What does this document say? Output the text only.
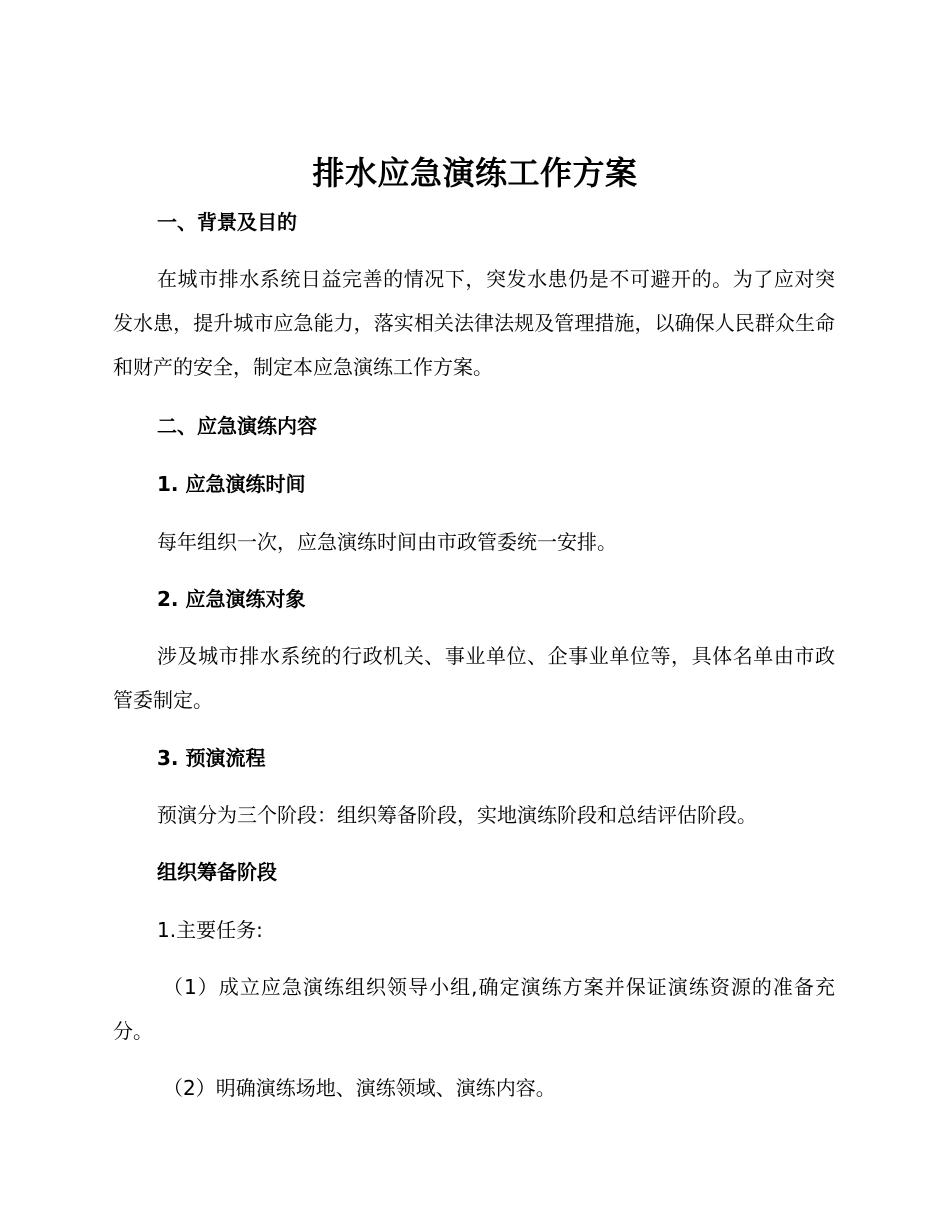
排水应急演练工作方案
一、背景及目的
在城市排水系统日益完善的情况下，突发水患仍是不可避开的。为了应对突发水患，提升城市应急能力，落实相关法律法规及管理措施，以确保人民群众生命和财产的安全，制定本应急演练工作方案。
二、应急演练内容
1. 应急演练时间
每年组织一次，应急演练时间由市政管委统一安排。
2. 应急演练对象
涉及城市排水系统的行政机关、事业单位、企事业单位等，具体名单由市政管委制定。
3. 预演流程
预演分为三个阶段：组织筹备阶段，实地演练阶段和总结评估阶段。
组织筹备阶段
1.主要任务:
（1）成立应急演练组织领导小组,确定演练方案并保证演练资源的准备充分。
（2）明确演练场地、演练领域、演练内容。
